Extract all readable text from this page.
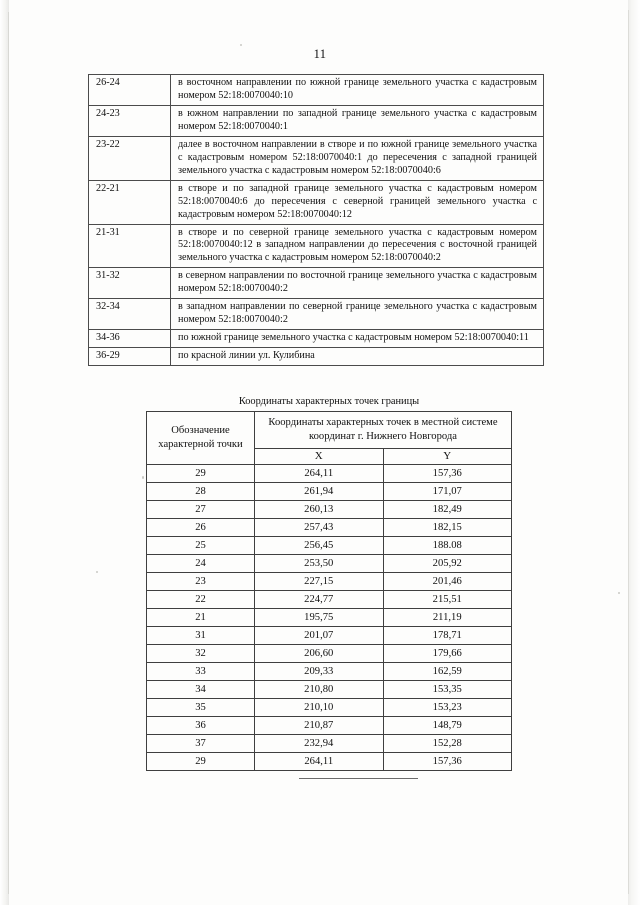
11
26-24	в восточном направлении по южной границе земельного участка с кадастровым номером 52:18:0070040:10
24-23	в южном направлении по западной границе земельного участка с кадастровым номером 52:18:0070040:1
23-22	далее в восточном направлении в створе и по южной границе земельного участка с кадастровым номером 52:18:0070040:1 до пересечения с западной границей земельного участка с кадастровым номером 52:18:0070040:6
22-21	в створе и по западной границе земельного участка с кадастровым номером 52:18:0070040:6 до пересечения с северной границей земельного участка с кадастровым номером 52:18:0070040:12
21-31	в створе и по северной границе земельного участка с кадастровым номером 52:18:0070040:12 в западном направлении до пересечения с восточной границей земельного участка с кадастровым номером 52:18:0070040:2
31-32	в северном направлении по восточной границе земельного участка с кадастровым номером 52:18:0070040:2
32-34	в западном направлении по северной границе земельного участка с кадастровым номером 52:18:0070040:2
34-36	по южной границе земельного участка с кадастровым номером 52:18:0070040:11
36-29	по красной линии ул. Кулибина
Координаты характерных точек границы
Обозначение характерной точки	Координаты характерных точек в местной системе координат г. Нижнего Новгорода	
	X	Y
29	264,11	157,36
28	261,94	171,07
27	260,13	182,49
26	257,43	182,15
25	256,45	188.08
24	253,50	205,92
23	227,15	201,46
22	224,77	215,51
21	195,75	211,19
31	201,07	178,71
32	206,60	179,66
33	209,33	162,59
34	210,80	153,35
35	210,10	153,23
36	210,87	148,79
37	232,94	152,28
29	264,11	157,36
